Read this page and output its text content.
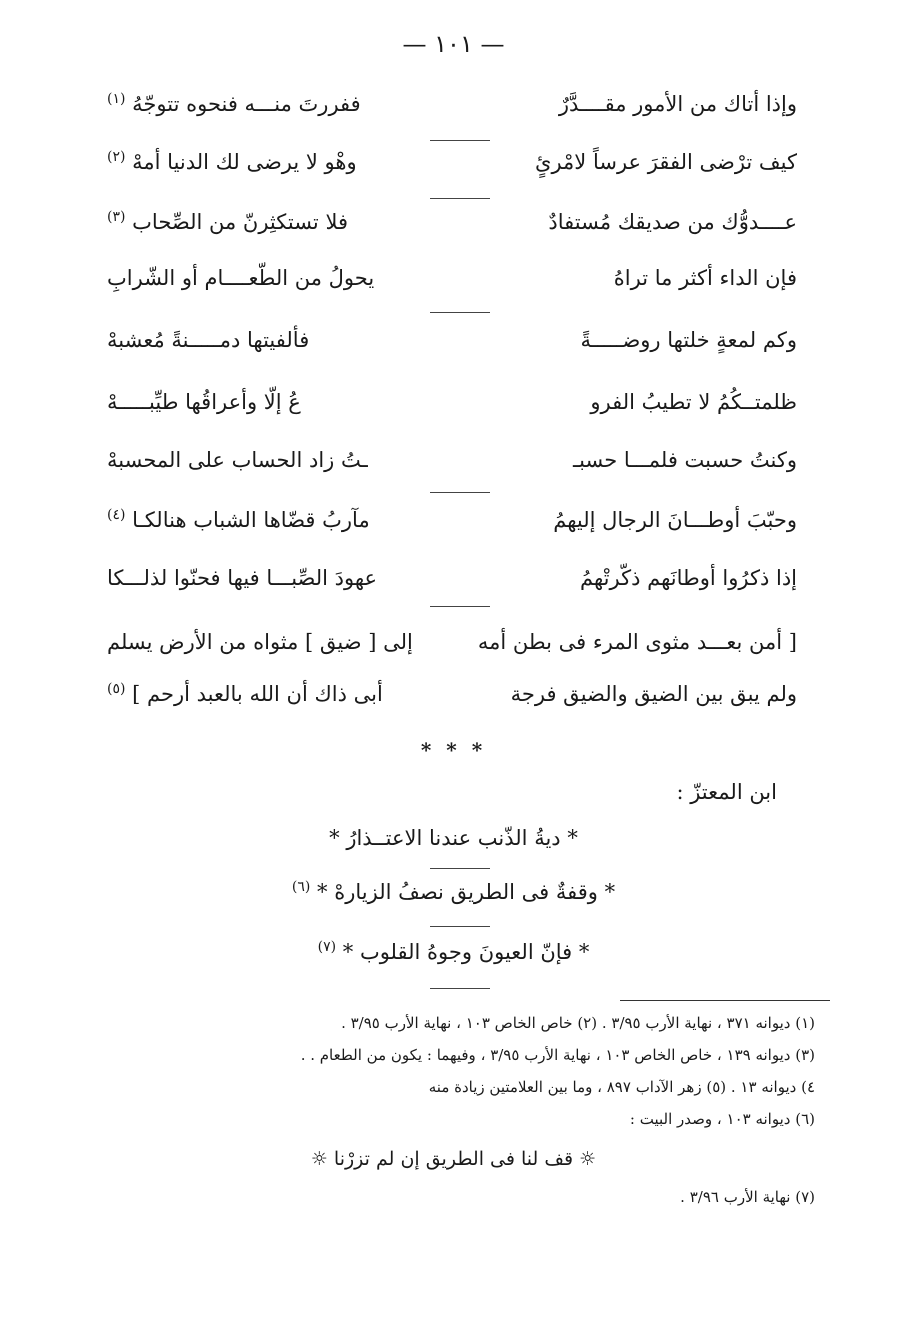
— ١٠١ —
وإذا أتاك من الأمور مقــــدَّرٌ
ففررتَ منـــه فنحوه تتوجّهُ $^{(١)}$
كيف ترْضى الفقرَ عرساً لامْرئٍ
وهْو لا يرضى لك الدنيا أمهْ $^{(٢)}$
عــــدوُّك من صديقك مُستفادٌ
فلا تستكثِرنّ من الصِّحاب $^{(٣)}$
فإن الداء أكثر ما تراهُ
يحولُ من الطّعــــام أو الشّرابِ
وكم لمعةٍ خلتها روضـــــةً
فألفيتها دمـــــنةً مُعشبهْ
ظلمتــكُمُ لا تطيبُ الفرو
عُ إلّا وأعراقُها طيِّبـــــهْ
وكنتُ حسبت فلمـــا حسبـ
ـتُ زاد الحساب على المحسبهْ
وحبّبَ أوطـــانَ الرجال إليهمُ
مآربُ قضّاها الشباب هنالكـا $^{(٤)}$
إذا ذكرُوا أوطانَهم ذكّرتْهمُ
عهودَ الصِّبـــا فيها فحنّوا لذلـــكا
[ أمن بعـــد مثوى المرء فى بطن أمه
إلى [ ضيق ] مثواه من الأرض يسلم
ولم يبق بين الضيق والضيق فرجة
أبى ذاك أن الله بالعبد أرحم ] $^{(٥)}$
* * *
ابن المعتزّ :
* ديةُ الذّنب عندنا الاعتــذارُ *
* وقفةٌ فى الطريق نصفُ الزيارهْ * $^{(٦)}$
* فإنّ العيونَ وجوهُ القلوب * $^{(٧)}$
(١) ديوانه ٣٧١ ، نهاية الأرب ٣/٩٥ . (٢) خاص الخاص ١٠٣ ، نهاية الأرب ٣/٩٥ .
(٣) ديوانه ١٣٩ ، خاص الخاص ١٠٣ ، نهاية الأرب ٣/٩٥ ، وفيهما : يكون من الطعام . .
٤) ديوانه ١٣ . (٥) زهر الآداب ٨٩٧ ، وما بين العلامتين زيادة منه
(٦) ديوانه ١٠٣ ، وصدر البيت :
☼ قف لنا فى الطريق إن لم تزرْنا ☼
(٧) نهاية الأرب ٣/٩٦ .
